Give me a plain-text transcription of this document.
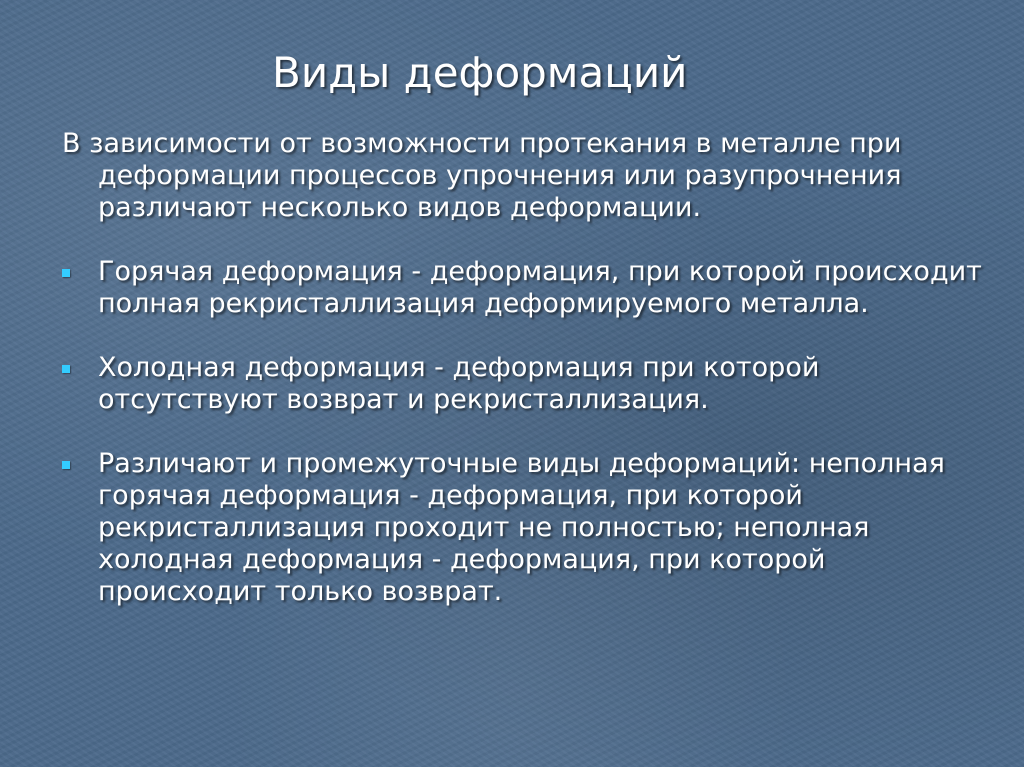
Виды деформаций

В зависимости от возможности протекания в металле при деформации процессов упрочнения или разупрочнения различают несколько видов деформации.

Горячая деформация - деформация, при которой происходит полная рекристаллизация деформируемого металла.
Холодная деформация - деформация при которой отсутствуют возврат и рекристаллизация.
Различают и промежуточные виды деформаций: неполная горячая деформация - деформация, при которой рекристаллизация проходит не полностью; неполная холодная деформация - деформация, при которой происходит только возврат.
